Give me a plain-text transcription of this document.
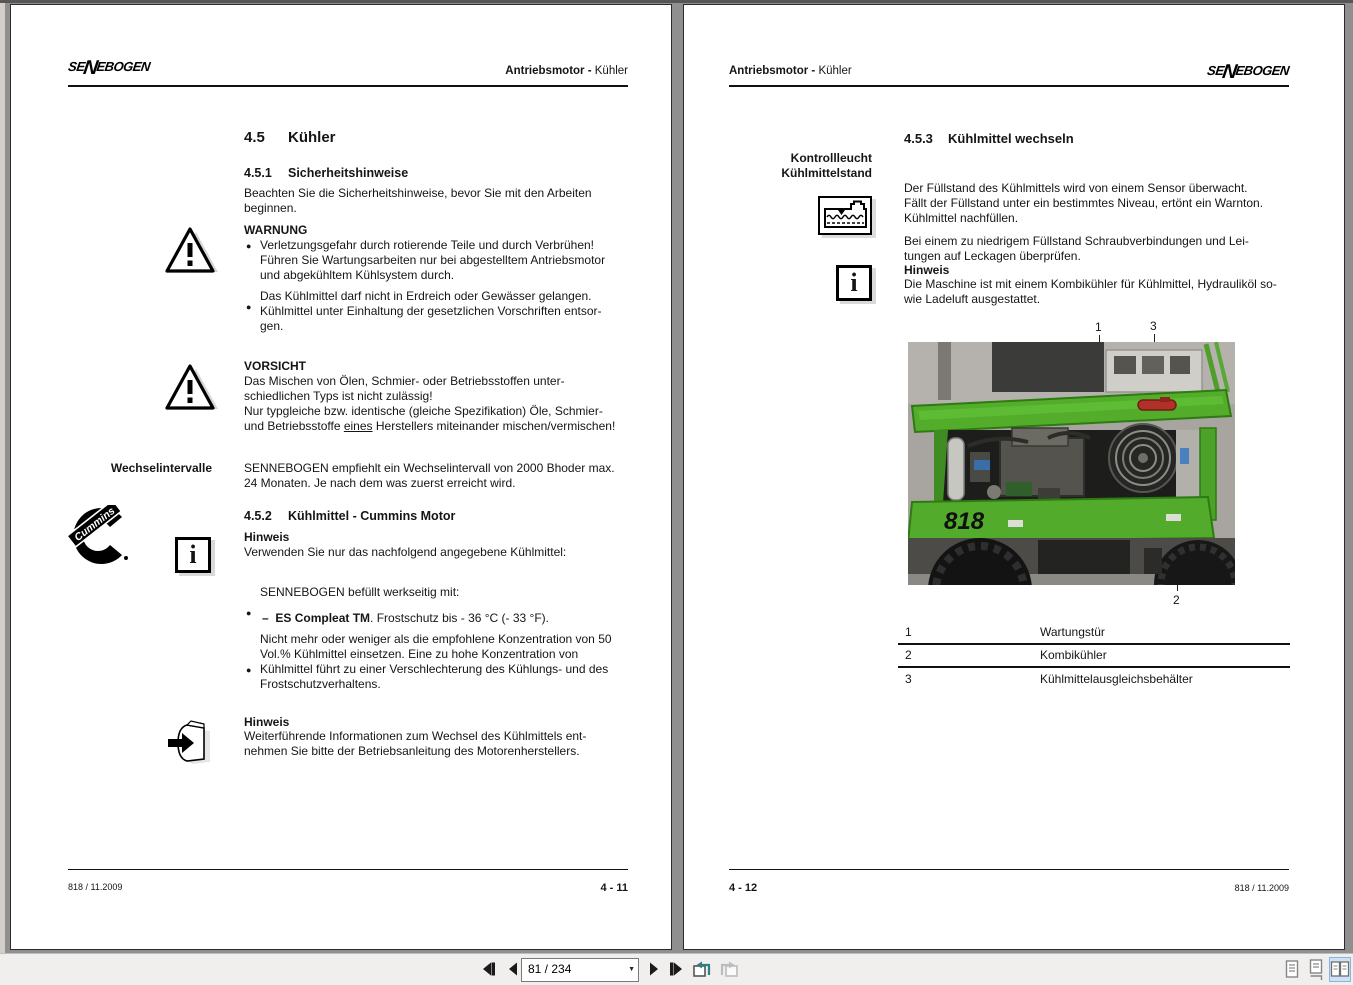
SENEBOGEN	Antriebsmotor - Kühler
4.5 Kühler
4.5.1 Sicherheitshinweise
Beachten Sie die Sicherheitshinweise, bevor Sie mit den Arbeiten
beginnen.
WARNUNG
● Verletzungsgefahr durch rotierende Teile und durch Verbrühen!
Führen Sie Wartungsarbeiten nur bei abgestelltem Antriebsmotor
und abgekühltem Kühlsystem durch.
●
Das Kühlmittel darf nicht in Erdreich oder Gewässer gelangen.
Kühlmittel unter Einhaltung der gesetzlichen Vorschriften entsor-
gen.
VORSICHT
Das Mischen von Ölen, Schmier- oder Betriebsstoffen unter-
schiedlichen Typs ist nicht zulässig!
Nur typgleiche bzw. identische (gleiche Spezifikation) Öle, Schmier-
und Betriebsstoffe eines Herstellers miteinander mischen/vermischen!
Wechselintervalle	SENNEBOGEN empfiehlt ein Wechselintervall von 2000 Bhoder max.
24 Monaten. Je nach dem was zuerst erreicht wird.
Cummins	4.5.2 Kühlmittel - Cummins Motor
Hinweis
Verwenden Sie nur das nachfolgend angegebene Kühlmittel:
i
●
SENNEBOGEN befüllt werkseitig mit:
– ES Compleat TM. Frostschutz bis - 36 °C (- 33 °F).
●
Nicht mehr oder weniger als die empfohlene Konzentration von 50
Vol.% Kühlmittel einsetzen. Eine zu hohe Konzentration von
Kühlmittel führt zu einer Verschlechterung des Kühlungs- und des
Frostschutzverhaltens.
Hinweis
Weiterführende Informationen zum Wechsel des Kühlmittels ent-
nehmen Sie bitte der Betriebsanleitung des Motorenherstellers.
818 / 11.2009	4 - 11
Antriebsmotor - Kühler	SENEBOGEN
4.5.3 Kühlmittel wechseln
Kontrollleucht
Kühlmittelstand
Der Füllstand des Kühlmittels wird von einem Sensor überwacht.
Fällt der Füllstand unter ein bestimmtes Niveau, ertönt ein Warnton.
Kühlmittel nachfüllen.
Bei einem zu niedrigem Füllstand Schraubverbindungen und Lei-
tungen auf Leckagen überprüfen.
i	Hinweis
Die Maschine ist mit einem Kombikühler für Kühlmittel, Hydrauliköl so-
wie Ladeluft ausgestattet.
1	3
2
818
1	Wartungstür
2	Kombikühler
3	Kühlmittelausgleichsbehälter
4 - 12	818 / 11.2009
81 / 234
▼
